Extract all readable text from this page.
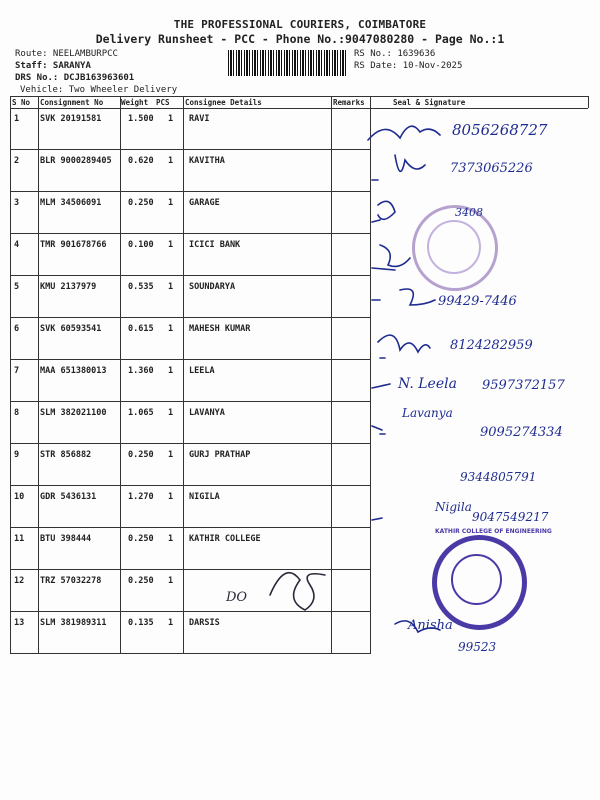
THE PROFESSIONAL COURIERS, COIMBATORE
Delivery Runsheet - PCC - Phone No.:9047080280 - Page No.:1
Route: NEELAMBURPCC
Staff: SARANYA
DRS No.: DCJB163963601
RS No.: 1639636
RS Date: 10-Nov-2025
Vehicle: Two Wheeler Delivery
S No Consignment No Weight PCS Consignee Details	Remarks	Seal & Signature
1 SVK 20191581	1.500 1 RAVI
2 BLR 9000289405 0.620 1 KAVITHA
3 MLM 34506091	0.250 1 GARAGE
4 TMR 901678766	0.100 1 ICICI BANK
5 KMU 2137979	0.535 1 SOUNDARYA
6 SVK 60593541	0.615 1 MAHESH KUMAR
7 MAA 651380013	1.360 1 LEELA
8 SLM 382021100	1.065 1 LAVANYA
9 STR 856882	0.250 1 GURJ PRATHAP
10 GDR 5436131	1.270 1 NIGILA
11 BTU 398444	0.250 1 KATHIR COLLEGE
12 TRZ 57032278	0.250 1
13 SLM 381989311	0.135 1 DARSIS
KATHIR COLLEGE OF ENGINEERING
8056268727
7373065226
3408
99429-7446
8124282959
N. Leela 9597372157
Lavanya
9095274334
9344805791
Nigila
9047549217
DO
Anisha
99523
